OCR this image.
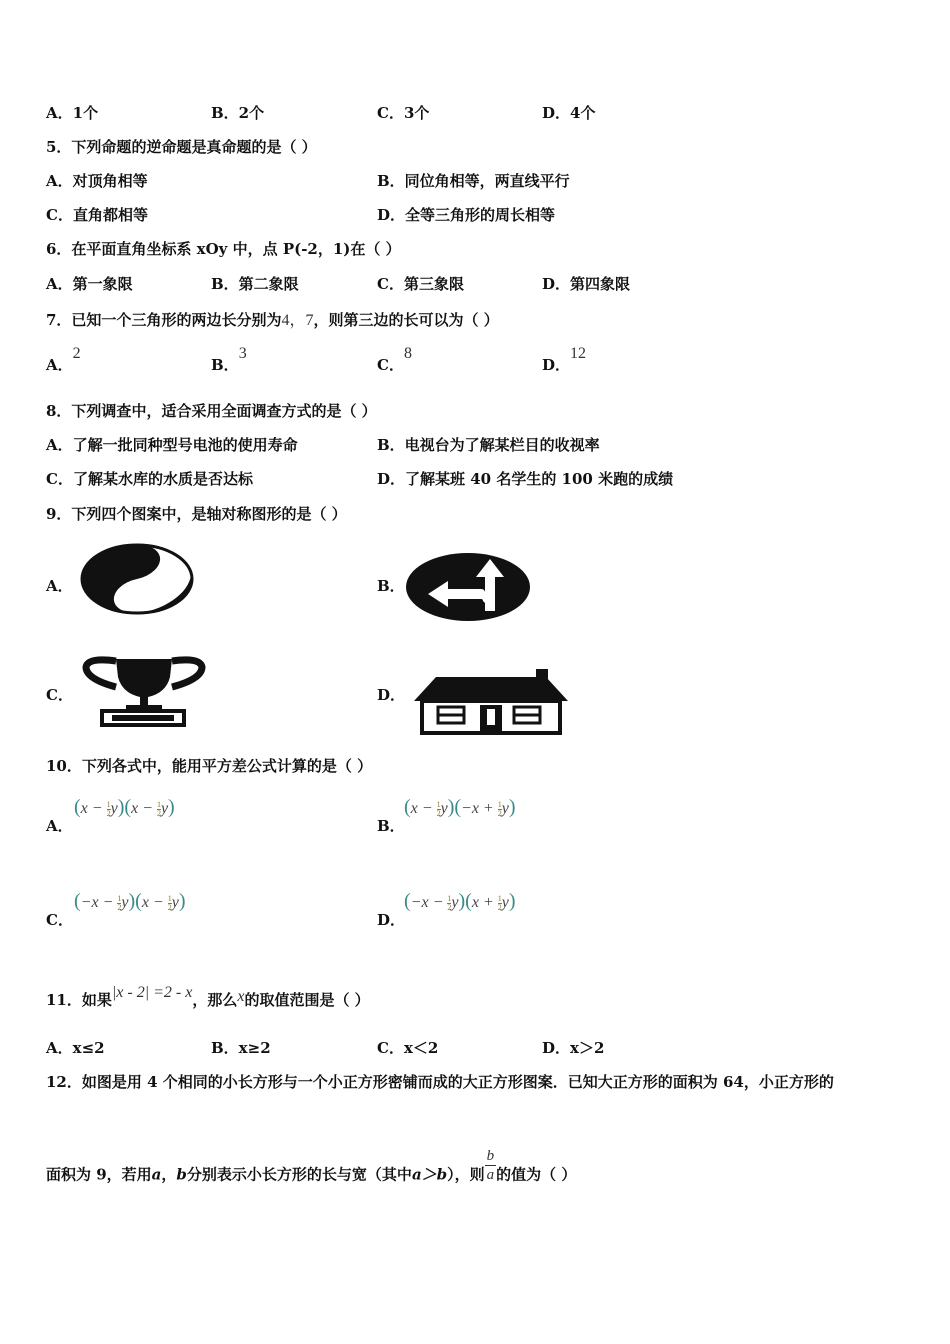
A．1个	B．2个	C．3个	D．4个
5．下列命题的逆命题是真命题的是（ ）
A．对顶角相等	B．同位角相等，两直线平行
C．直角都相等	D．全等三角形的周长相等
6．在平面直角坐标系 xOy 中，点 P(-2，1)在（ ）
A．第一象限	B．第二象限	C．第三象限	D．第四象限
7．已知一个三角形的两边长分别为4，7，则第三边的长可以为（ ）
A．2
B．3
C．8
D．12
8．下列调查中，适合采用全面调查方式的是（ ）
A．了解一批同种型号电池的使用寿命	B．电视台为了解某栏目的收视率
C．了解某水库的水质是否达标	D．了解某班 40 名学生的 100 米跑的成绩
9．下列四个图案中，是轴对称图形的是（ ）
A．	B．
C．	D．
10．下列各式中，能用平方差公式计算的是（ ）
A．
$(x - \frac{1}{2} y)(x - \frac{1}{2} y)$
B．
$(x - \frac{1}{2} y)(-x + \frac{1}{2} y)$
C．
$(-x - \frac{1}{2} y)(x - \frac{1}{2} y)$
D．
$(-x - \frac{1}{2} y)(x + \frac{1}{2} y)$
11．如果|x - 2| =2 - x，那么x的取值范围是（ ）
A．x≤2	B．x≥2	C．x＜2	D．x＞2
12．如图是用 4 个相同的小长方形与一个小正方形密铺而成的大正方形图案．已知大正方形的面积为 64，小正方形的
面积为 9，若用a，b分别表示小长方形的长与宽（其中a＞b），则 $\frac{b}{a}$ 的值为（ ）
